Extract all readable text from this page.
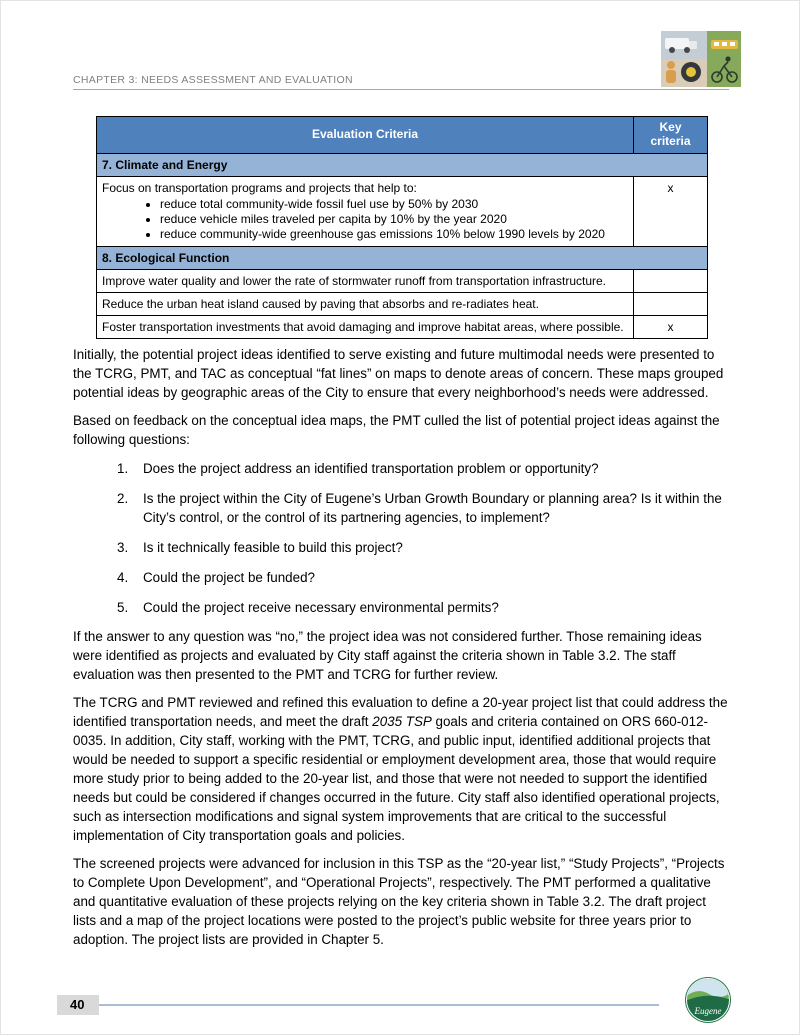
CHAPTER 3: NEEDS ASSESSMENT AND EVALUATION
Evaluation Criteria	Key criteria
7. Climate and Energy	

Focus on transportation programs and projects that help to:
• reduce total community-wide fossil fuel use by 50% by 2030
• reduce vehicle miles traveled per capita by 10% by the year 2020
• reduce community-wide greenhouse gas emissions 10% below 1990 levels by 2020
	x
8. Ecological Function	
Improve water quality and lower the rate of stormwater runoff from transportation infrastructure.	
Reduce the urban heat island caused by paving that absorbs and re-radiates heat.	
Foster transportation investments that avoid damaging and improve habitat areas, where possible.	x

Initially, the potential project ideas identified to serve existing and future multimodal needs were presented to the TCRG, PMT, and TAC as conceptual “fat lines” on maps to denote areas of concern. These maps grouped potential ideas by geographic areas of the City to ensure that every neighborhood’s needs were addressed.

Based on feedback on the conceptual idea maps, the PMT culled the list of potential project ideas against the following questions:

1.	Does the project address an identified transportation problem or opportunity?
2.	Is the project within the City of Eugene’s Urban Growth Boundary or planning area? Is it within the City’s control, or the control of its partnering agencies, to implement?
3.	Is it technically feasible to build this project?
4.	Could the project be funded?
5.	Could the project receive necessary environmental permits?

If the answer to any question was “no,” the project idea was not considered further. Those remaining ideas were identified as projects and evaluated by City staff against the criteria shown in Table 3.2. The staff evaluation was then presented to the PMT and TCRG for further review.

The TCRG and PMT reviewed and refined this evaluation to define a 20-year project list that could address the identified transportation needs, and meet the draft 2035 TSP goals and criteria contained on ORS 660-012-0035. In addition, City staff, working with the PMT, TCRG, and public input, identified additional projects that would be needed to support a specific residential or employment development area, those that would require more study prior to being added to the 20-year list, and those that were not needed to support the identified needs but could be considered if changes occurred in the future. City staff also identified operational projects, such as intersection modifications and signal system improvements that are critical to the successful implementation of City transportation goals and policies.

The screened projects were advanced for inclusion in this TSP as the “20-year list,” “Study Projects”, “Projects to Complete Upon Development”, and “Operational Projects”, respectively. The PMT performed a qualitative and quantitative evaluation of these projects relying on the key criteria shown in Table 3.2. The draft project lists and a map of the project locations were posted to the project’s public website for three years prior to adoption. The project lists are provided in Chapter 5.

40	Eugene
